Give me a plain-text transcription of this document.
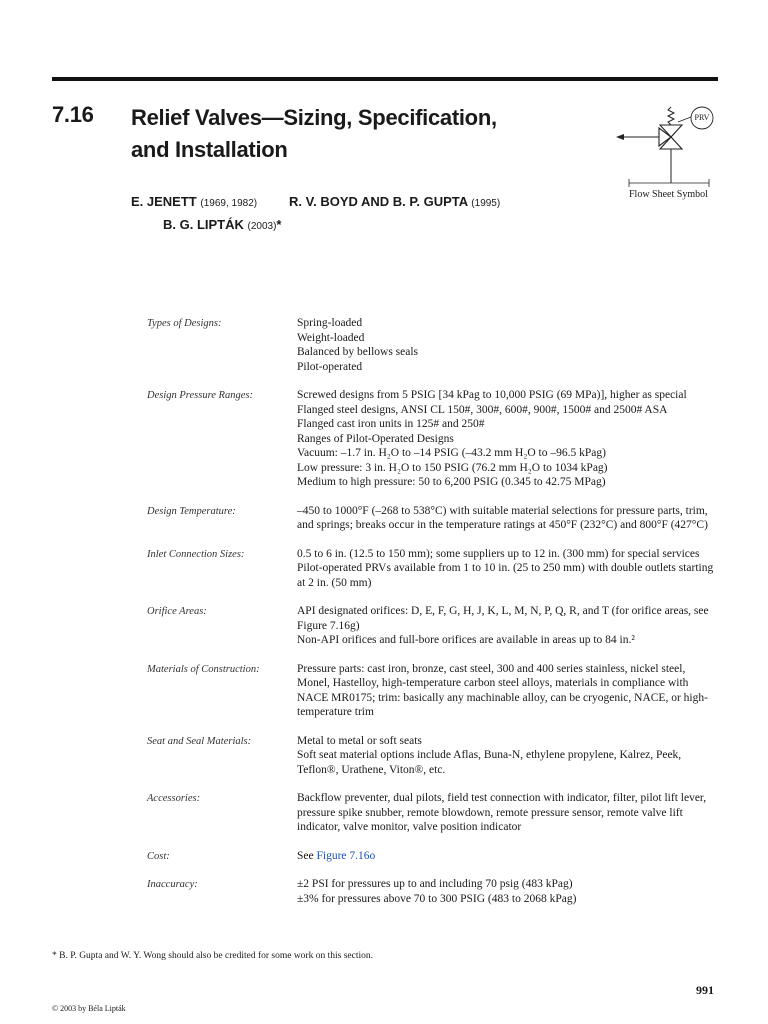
7.16 Relief Valves—Sizing, Specification,
and Installation
E. JENETT (1969, 1982) R. V. BOYD AND B. P. GUPTA (1995)
B. G. LIPTÁK (2003)*
PRV
Flow Sheet Symbol
Types of Designs:	Spring-loaded
Weight-loaded
Balanced by bellows seals
Pilot-operated
Design Pressure Ranges:	Screwed designs from 5 PSIG [34 kPag to 10,000 PSIG (69 MPa)], higher as special
Flanged steel designs, ANSI CL 150#, 300#, 600#, 900#, 1500# and 2500# ASA
Flanged cast iron units in 125# and 250#
Ranges of Pilot-Operated Designs
Vacuum: –1.7 in. H₂O to –14 PSIG (–43.2 mm H₂O to –96.5 kPag)
Low pressure: 3 in. H₂O to 150 PSIG (76.2 mm H₂O to 1034 kPag)
Medium to high pressure: 50 to 6,200 PSIG (0.345 to 42.75 MPag)
Design Temperature:	–450 to 1000°F (–268 to 538°C) with suitable material selections for pressure parts, trim, and springs; breaks occur in the temperature ratings at 450°F (232°C) and 800°F (427°C)
Inlet Connection Sizes:	0.5 to 6 in. (12.5 to 150 mm); some suppliers up to 12 in. (300 mm) for special services
Pilot-operated PRVs available from 1 to 10 in. (25 to 250 mm) with double outlets starting at 2 in. (50 mm)
Orifice Areas:	API designated orifices: D, E, F, G, H, J, K, L, M, N, P, Q, R, and T (for orifice areas, see Figure 7.16g)
Non-API orifices and full-bore orifices are available in areas up to 84 in.²
Materials of Construction:	Pressure parts: cast iron, bronze, cast steel, 300 and 400 series stainless, nickel steel, Monel, Hastelloy, high-temperature carbon steel alloys, materials in compliance with NACE MR0175; trim: basically any machinable alloy, can be cryogenic, NACE, or high-temperature trim
Seat and Seal Materials:	Metal to metal or soft seats
Soft seat material options include Aflas, Buna-N, ethylene propylene, Kalrez, Peek, Teflon®, Urathene, Viton®, etc.
Accessories:	Backflow preventer, dual pilots, field test connection with indicator, filter, pilot lift lever, pressure spike snubber, remote blowdown, remote pressure sensor, remote valve lift indicator, valve monitor, valve position indicator
Cost:	See Figure 7.16o
Inaccuracy:	±2 PSI for pressures up to and including 70 psig (483 kPag)
±3% for pressures above 70 to 300 PSIG (483 to 2068 kPag)
* B. P. Gupta and W. Y. Wong should also be credited for some work on this section.
991
© 2003 by Béla Lipták
